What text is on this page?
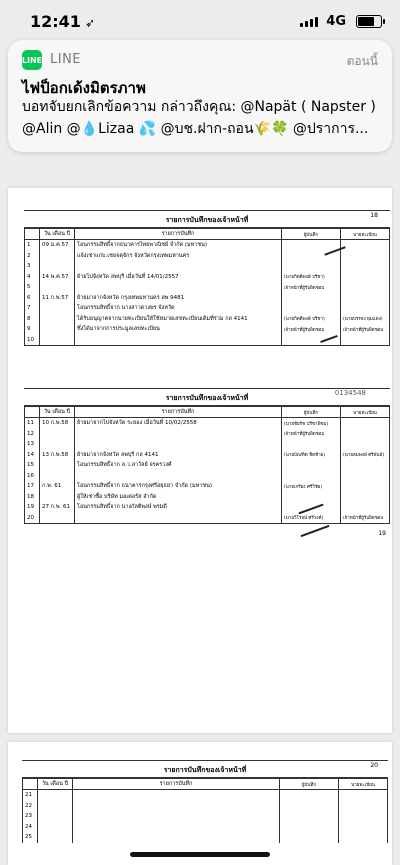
12:41 ➶	4G
LINE LINE	ตอนนี้
ไฟป็อกเด้งมิตรภาพ
บอทจับยกเลิกข้อความ กล่าวถึงคุณ: @Napät ( Napster ) @Alin @💧Lizaa 💦 @บช.ฝาก-ถอน🌾🍀 @ปราการ...
18
รายการบันทึกของเจ้าหน้าที่
	วัน เดือน ปี	รายการบันทึก	ผู้บันทึก	นายทะเบียน
1	09 ม.ค.57	โอนกรรมสิทธิ์จากธนาคารไทยพาณิชย์ จำกัด (มหาชน)		
2		แจ้งเช่าแก่บ.เชยจตุจักร จังหวัดกรุงเทพมหานคร		
3				
4	14 พ.ค.57	ย้ายไปจังหวัด ลพบุรี เมื่อวันที่ 14/01/2557	(นายกิตติพงษ์ ปรีชา)	
5			เจ้าหน้าที่ผู้รับผิดชอบ	
6	11 ก.พ.57	ย้ายมาจากจังหวัด กรุงเทพมหานคร ลพ 9481		
7		โอนกรรมสิทธิ์จาก นางสาวดวงพร จังหวัด		
8		ได้รับอนุญาตจากนายทะเบียนให้ใช้หมายเลขทะเบียนเดิมที่ร่วม กล 4141	(นายกิตติพงษ์ ปรีชา)	(นายบรรจง พุ่มแดง)
9		ซึ่งได้มาจากการประมูลเลขทะเบียน	เจ้าหน้าที่ผู้รับผิดชอบ	เจ้าหน้าที่ผู้รับผิดชอบ
10				
รายการบันทึกของเจ้าหน้าที่
0134548
	วัน เดือน ปี	รายการบันทึก	ผู้บันทึก	นายทะเบียน
11	10 ก.พ.58	ย้ายมาจากไปจังหวัด ระยอง เมื่อวันที่ 10/02/2558	(นายชัยรัช ปรีชาพิชม)	
12			เจ้าหน้าที่ผู้รับผิดชอบ	
13				
14	13 ก.พ.58	ย้ายมาจากจังหวัด ลพบุรี กล 4141	(นายบัณฑิต ชิดซ้าย)	(นายสมพงษ์ ศรีพันธ์)
15		โอนกรรมสิทธิ์จาก ล.ว.ลาวัลย์ จรครวงศ์		
16				
17	ก.พ. 61	โอนกรรมสิทธิ์จาก ธนาคารกรุงศรีอยุธยา จำกัด (มหาชน)	(นายเกรียง ศรีวิชัย)	
18		ผู้ให้เช่าซื้อ บริษัท มอเตอร์ส จำกัด		
19	27 ก.พ. 61	โอนกรรมสิทธิ์จาก นางกัลติพงษ์ พรมดี		
20			(นายวิโรจน์ ศรีวงค์)	เจ้าหน้าที่ผู้รับผิดชอบ
19
20
รายการบันทึกของเจ้าหน้าที่
	วัน เดือน ปี	รายการบันทึก	ผู้บันทึก	นายทะเบียน
21				
22				
23				
24				
25				
